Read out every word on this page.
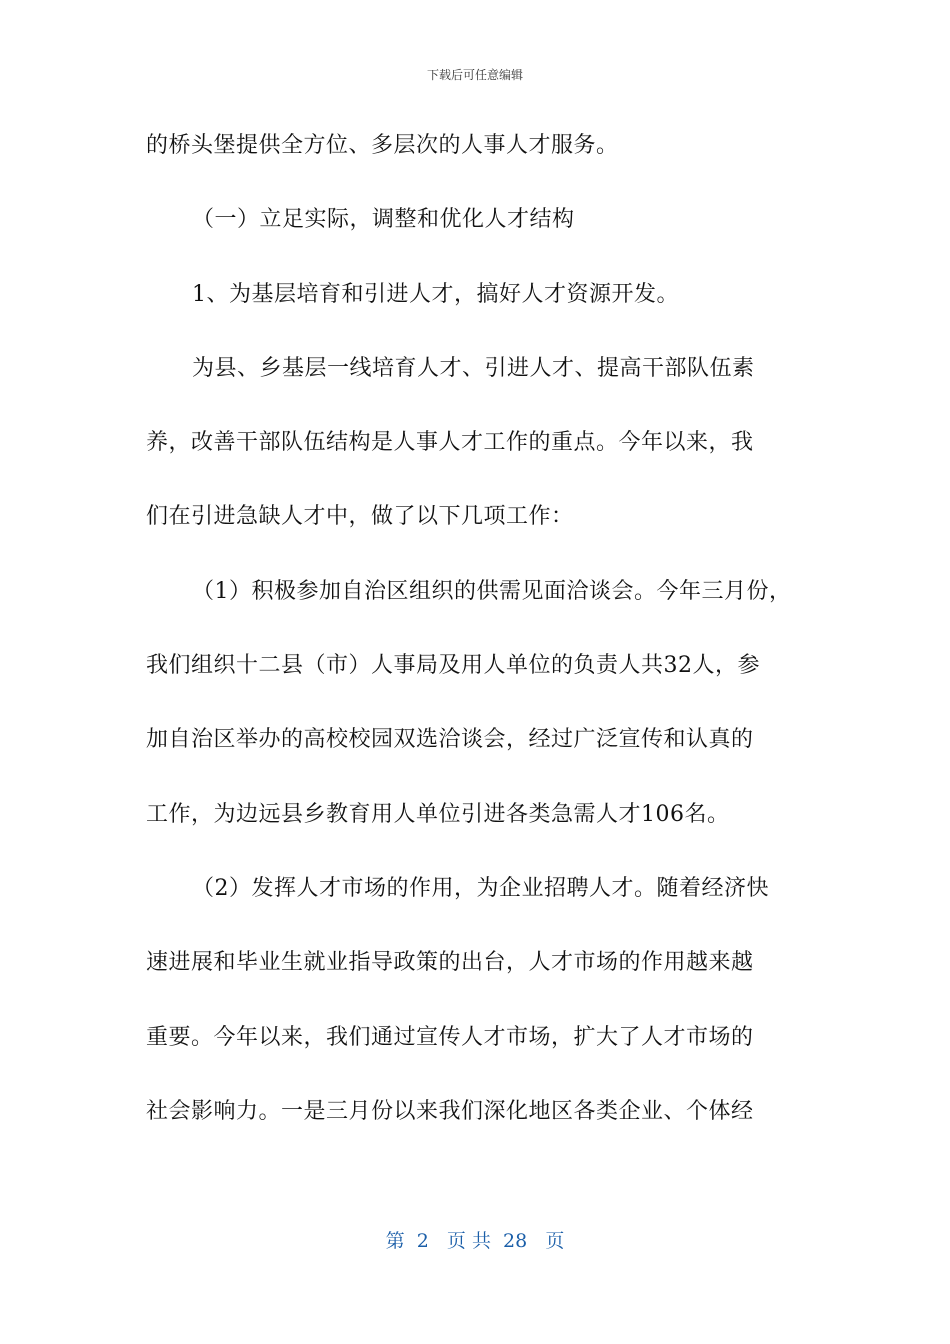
下载后可任意编辑
的桥头堡提供全方位、多层次的人事人才服务。
（一）立足实际，调整和优化人才结构
1、为基层培育和引进人才，搞好人才资源开发。
为县、乡基层一线培育人才、引进人才、提高干部队伍素
养，改善干部队伍结构是人事人才工作的重点。今年以来，我
们在引进急缺人才中，做了以下几项工作：
（1）积极参加自治区组织的供需见面洽谈会。今年三月份，
我们组织十二县（市）人事局及用人单位的负责人共32人，参
加自治区举办的高校校园双选洽谈会，经过广泛宣传和认真的
工作，为边远县乡教育用人单位引进各类急需人才106名。
（2）发挥人才市场的作用，为企业招聘人才。随着经济快
速进展和毕业生就业指导政策的出台，人才市场的作用越来越
重要。今年以来，我们通过宣传人才市场，扩大了人才市场的
社会影响力。一是三月份以来我们深化地区各类企业、个体经
第  2   页 共  28   页
